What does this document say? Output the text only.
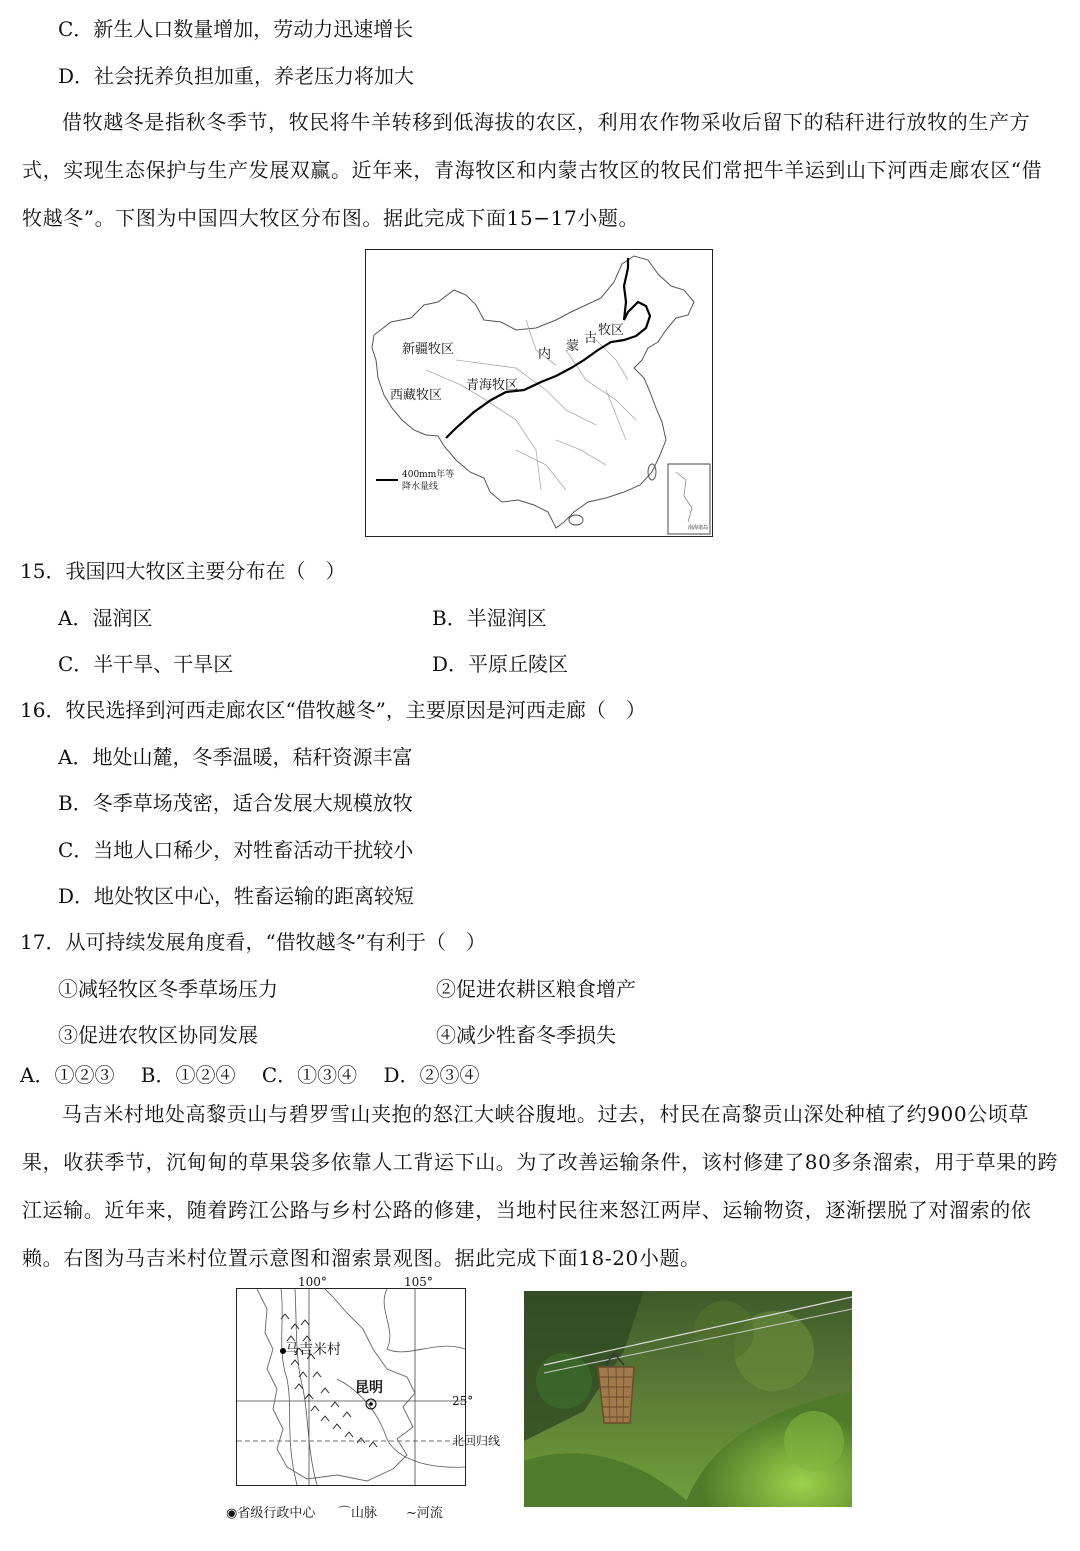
C．新生人口数量增加，劳动力迅速增长
D．社会抚养负担加重，养老压力将加大
借牧越冬是指秋冬季节，牧民将牛羊转移到低海拔的农区，利用农作物采收后留下的秸秆进行放牧的生产方式，实现生态保护与生产发展双赢。近年来，青海牧区和内蒙古牧区的牧民们常把牛羊运到山下河西走廊农区“借牧越冬”。下图为中国四大牧区分布图。据此完成下面15−17小题。
新疆牧区
西藏牧区
青海牧区
内
蒙
古
牧区
400mm年等
降水量线
南海诸岛
15．我国四大牧区主要分布在（　）
A．湿润区	B．半湿润区
C．半干旱、干旱区	D．平原丘陵区
16．牧民选择到河西走廊农区“借牧越冬”，主要原因是河西走廊（　）
A．地处山麓，冬季温暖，秸秆资源丰富
B．冬季草场茂密，适合发展大规模放牧
C．当地人口稀少，对牲畜活动干扰较小
D．地处牧区中心，牲畜运输的距离较短
17．从可持续发展角度看，“借牧越冬”有利于（　）
①减轻牧区冬季草场压力	②促进农耕区粮食增产
③促进农牧区协同发展	④减少牲畜冬季损失
A．①②③　 B．①②④　 C．①③④　 D．②③④
马吉米村地处高黎贡山与碧罗雪山夹抱的怒江大峡谷腹地。过去，村民在高黎贡山深处种植了约900公顷草果，收获季节，沉甸甸的草果袋多依靠人工背运下山。为了改善运输条件，该村修建了80多条溜索，用于草果的跨江运输。近年来，随着跨江公路与乡村公路的修建，当地村民往来怒江两岸、运输物资，逐渐摆脱了对溜索的依赖。右图为马吉米村位置示意图和溜索景观图。据此完成下面18-20小题。
马吉米村
昆明
100°	105°
25°
北回归线
◉省级行政中心 ⌒山脉 ∼河流
